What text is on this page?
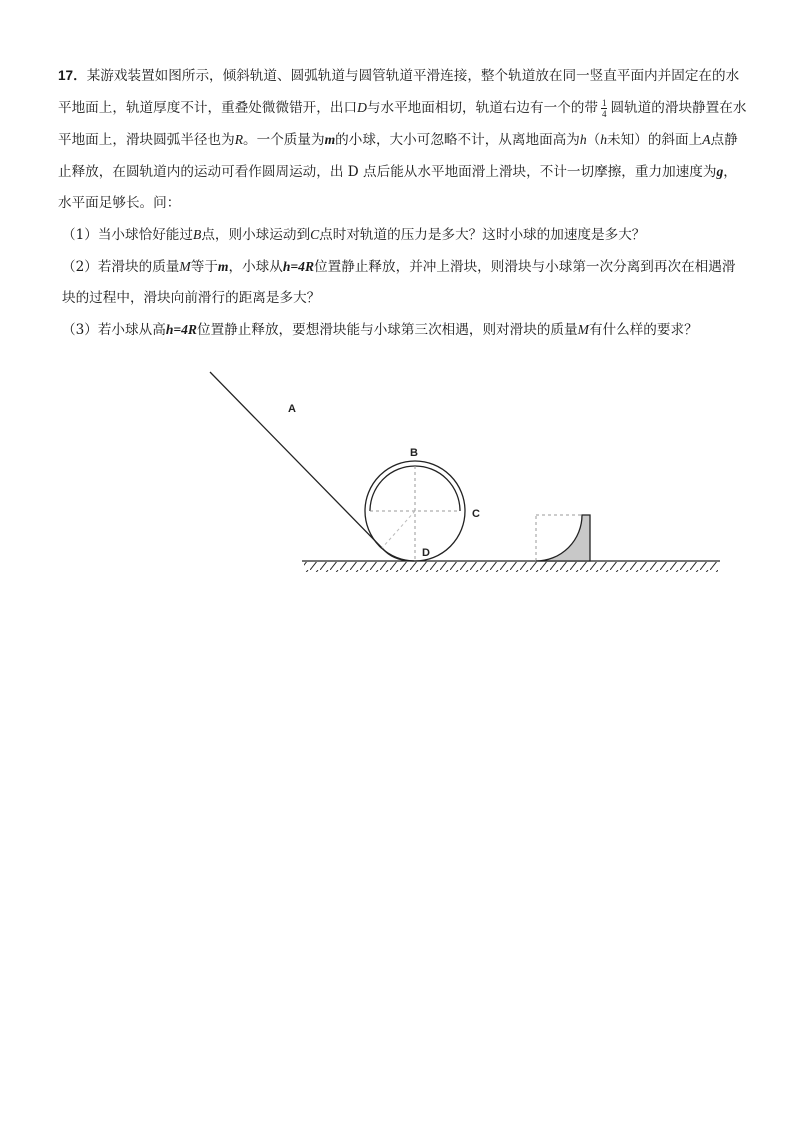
17．某游戏装置如图所示，倾斜轨道、圆弧轨道与圆管轨道平滑连接，整个轨道放在同一竖直平面内并固定在的水平地面上，轨道厚度不计，重叠处微微错开，出口D与水平地面相切，轨道右边有一个的带 $\frac{1}{4}$ 圆轨道的滑块静置在水平地面上，滑块圆弧半径也为R。一个质量为m的小球，大小可忽略不计，从离地面高为h（h未知）的斜面上A点静止释放，在圆轨道内的运动可看作圆周运动，出 D 点后能从水平地面滑上滑块，不计一切摩擦，重力加速度为g，水平面足够长。问：

（1）当小球恰好能过B点，则小球运动到C点时对轨道的压力是多大？这时小球的加速度是多大？

（2）若滑块的质量M等于m，小球从h=4R位置静止释放，并冲上滑块，则滑块与小球第一次分离到再次在相遇滑块的过程中，滑块向前滑行的距离是多大？

（3）若小球从高h=4R位置静止释放，要想滑块能与小球第三次相遇，则对滑块的质量M有什么样的要求？

A
B
C
D
